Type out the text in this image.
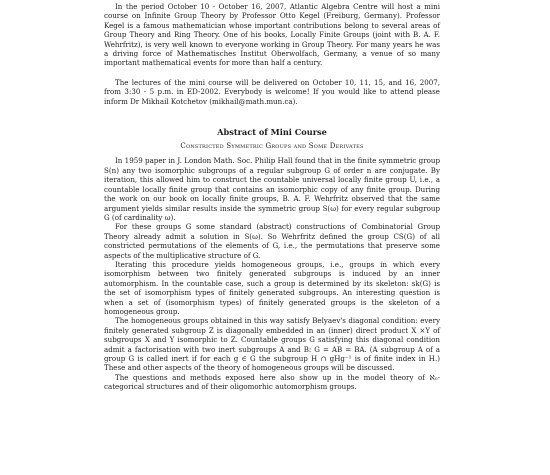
In the period October 10 - October 16, 2007, Atlantic Algebra Centre will host a mini course on Infinite Group Theory by Professor Otto Kegel (Freiburg, Germany). Professor Kegel is a famous mathematician whose important contributions belong to several areas of Group Theory and Ring Theory. One of his books, Locally Finite Groups (joint with B. A. F. Wehrfritz), is very well known to everyone working in Group Theory. For many years he was a driving force of Mathematisches Institut Oberwolfach, Germany, a venue of so many important mathematical events for more than half a century.

The lectures of the mini course will be delivered on October 10, 11, 15, and 16, 2007, from 3:30 - 5 p.m. in ED-2002. Everybody is welcome! If you would like to attend please inform Dr Mikhail Kotchetov (mikhail@math.mun.ca).

Abstract of Mini Course
Constricted Symmetric Groups and Some Derivates

In 1959 paper in J. London Math. Soc. Philip Hall found that in the finite symmetric group S(n) any two isomorphic subgroups of a regular subgroup G of order n are conjugate. By iteration, this allowed him to construct the countable universal locally finite group U, i.e., a countable locally finite group that contains an isomorphic copy of any finite group. During the work on our book on locally finite groups, B. A. F. Wehrfritz observed that the same argument yields similar results inside the symmetric group S(ω) for every regular subgroup G (of cardinality ω).

For these groups G some standard (abstract) constructions of Combinatorial Group Theory already admit a solution in S(ω). So Wehrfritz defined the group CS(G) of all constricted permutations of the elements of G, i.e., the permutations that preserve some aspects of the multiplicative structure of G.

Iterating this procedure yields homogeneous groups, i.e., groups in which every isomorphism between two finitely generated subgroups is induced by an inner automorphism. In the countable case, such a group is determined by its skeleton: sk(G) is the set of isomorphism types of finitely generated subgroups. An interesting question is when a set of (isomorphism types) of finitely generated groups is the skeleton of a homogeneous group.

The homogeneous groups obtained in this way satisfy Belyaev's diagonal condition: every finitely generated subgroup Z is diagonally embedded in an (inner) direct product X ×Y of subgroups X and Y isomorphic to Z. Countable groups G satisfying this diagonal condition admit a factorisation with two inert subgroups A and B: G = AB = BA. (A subgroup A of a group G is called inert if for each g ∈ G the subgroup H ∩ gHg⁻¹ is of finite index in H.) These and other aspects of the theory of homogeneous groups will be discussed.

The questions and methods exposed here also show up in the model theory of ℵ₀-categorical structures and of their oligomorhic automorphism groups.
